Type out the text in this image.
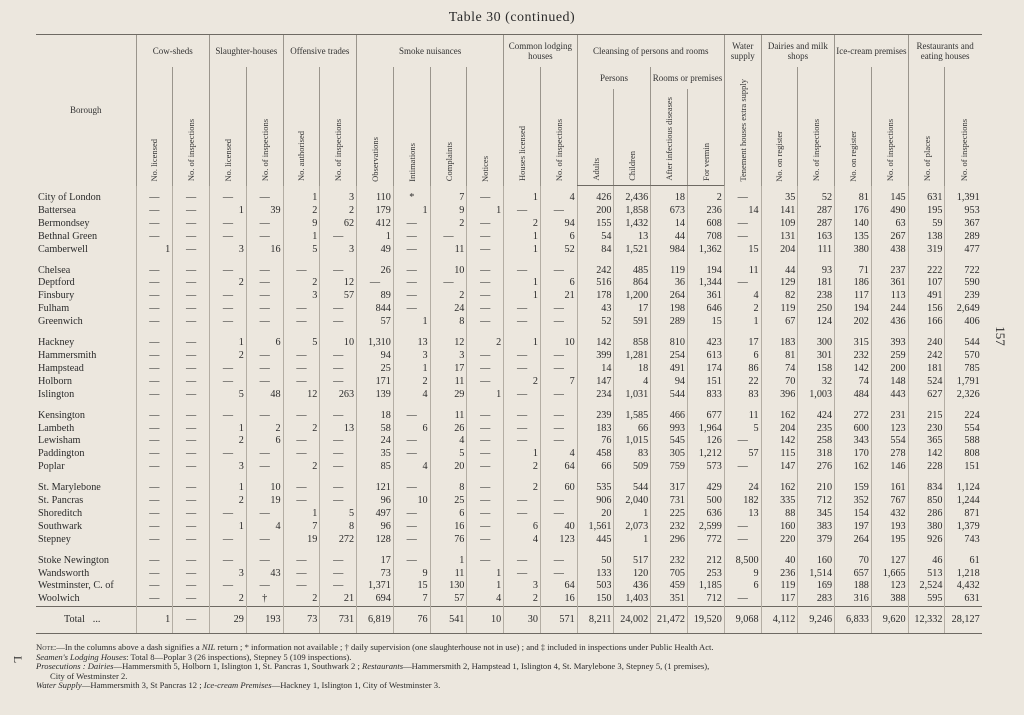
Table 30 (continued)
Borough	Cow-sheds		Slaughter-houses		Offensive trades		Smoke nuisances				Common lodging houses		Cleansing of persons and rooms				Water supply	Dairies and milk shops		Ice-cream premises		Restaurants and eating houses	

	No. licensed	No. of inspections	No. licensed	No. of inspections	No. authorised	No. of inspections	Observations	Intimations	Complaints	Notices	Houses licensed	No. of inspections	Persons		Rooms or premises		Tenement houses extra supply	No. on register	No. of inspections	No. on register	No. of inspections	No. of places	No. of inspections

													Adults	Children	After infectious diseases	For vermin							

City of London	—	—	—	—	1	3	110	*	7	—	1	4	426	2,436	18	2	—	35	52	81	145	631	1,391
Battersea	—	—	1	39	2	2	179	1	9	1	—	—	200	1,858	673	236	14	141	287	176	490	195	953
Bermondsey	—	—	—	—	9	62	412	—	2	—	2	94	155	1,432	14	608	—	109	287	140	63	59	367
Bethnal Green	—	—	—	—	1	—	1	—	—	—	1	6	54	13	44	708	—	131	163	135	267	138	289
Camberwell	1	—	3	16	5	3	49	—	11	—	1	52	84	1,521	984	1,362	15	204	111	380	438	319	477

Chelsea	—	—	—	—	—	—	26	—	10	—	—	—	242	485	119	194	11	44	93	71	237	222	722
Deptford	—	—	2	—	2	12	—	—	—	—	1	6	516	864	36	1,344	—	129	181	186	361	107	590
Finsbury	—	—	—	—	3	57	89	—	2	—	1	21	178	1,200	264	361	4	82	238	117	113	491	239
Fulham	—	—	—	—	—	—	844	—	24	—	—	—	43	17	198	646	2	119	250	194	244	156	2,649
Greenwich	—	—	—	—	—	—	57	1	8	—	—	—	52	591	289	15	1	67	124	202	436	166	406

Hackney	—	—	1	6	5	10	1,310	13	12	2	1	10	142	858	810	423	17	183	300	315	393	240	544
Hammersmith	—	—	2	—	—	—	94	3	3	—	—	—	399	1,281	254	613	6	81	301	232	259	242	570
Hampstead	—	—	—	—	—	—	25	1	17	—	—	—	14	18	491	174	86	74	158	142	200	181	785
Holborn	—	—	—	—	—	—	171	2	11	—	2	7	147	4	94	151	22	70	32	74	148	524	1,791
Islington	—	—	5	48	12	263	139	4	29	1	—	—	234	1,031	544	833	83	396	1,003	484	443	627	2,326

Kensington	—	—	—	—	—	—	18	—	11	—	—	—	239	1,585	466	677	11	162	424	272	231	215	224
Lambeth	—	—	1	2	2	13	58	6	26	—	—	—	183	66	993	1,964	5	204	235	600	123	230	554
Lewisham	—	—	2	6	—	—	24	—	4	—	—	—	76	1,015	545	126	—	142	258	343	554	365	588
Paddington	—	—	—	—	—	—	35	—	5	—	1	4	458	83	305	1,212	57	115	318	170	278	142	808
Poplar	—	—	3	—	2	—	85	4	20	—	2	64	66	509	759	573	—	147	276	162	146	228	151

St. Marylebone	—	—	1	10	—	—	121	—	8	—	2	60	535	544	317	429	24	162	210	159	161	834	1,124
St. Pancras	—	—	2	19	—	—	96	10	25	—	—	—	906	2,040	731	500	182	335	712	352	767	850	1,244
Shoreditch	—	—	—	—	1	5	497	—	6	—	—	—	20	1	225	636	13	88	345	154	432	286	871
Southwark	—	—	1	4	7	8	96	—	16	—	6	40	1,561	2,073	232	2,599	—	160	383	197	193	380	1,379
Stepney	—	—	—	—	19	272	128	—	76	—	4	123	445	1	296	772	—	220	379	264	195	926	743

Stoke Newington	—	—	—	—	—	—	17	—	1	—	—	—	50	517	232	212	8,500	40	160	70	127	46	61
Wandsworth	—	—	3	43	—	—	73	9	11	1	—	—	133	120	705	253	9	236	1,514	657	1,665	513	1,218
Westminster, C. of	—	—	—	—	—	—	1,371	15	130	1	3	64	503	436	459	1,185	6	119	169	188	123	2,524	4,432
Woolwich	—	—	2	†	2	21	694	7	57	4	2	16	150	1,403	351	712	—	117	283	316	388	595	631
Total ...	1	—	29	193	73	731	6,819	76	541	10	30	571	8,211	24,002	21,472	19,520	9,068	4,112	9,246	6,833	9,620	12,332	28,127
157
L
Note:—In the columns above a dash signifies a NIL return ; * information not available ; † daily supervision (one slaughterhouse not in use) ; and ‡ included in inspections under Public Health Act.
Seamen's Lodging Houses: Total 8—Poplar 3 (26 inspections), Stepney 5 (109 inspections).
Prosecutions : Dairies—Hammersmith 5, Holborn 1, Islington 1, St. Pancras 1, Southwark 2 ; Restaurants—Hammersmith 2, Hampstead 1, Islington 4, St. Marylebone 3, Stepney 5, (1 premises),
City of Westminster 2.
Water Supply—Hammersmith 3, St Pancras 12 ; Ice-cream Premises—Hackney 1, Islington 1, City of Westminster 3.
